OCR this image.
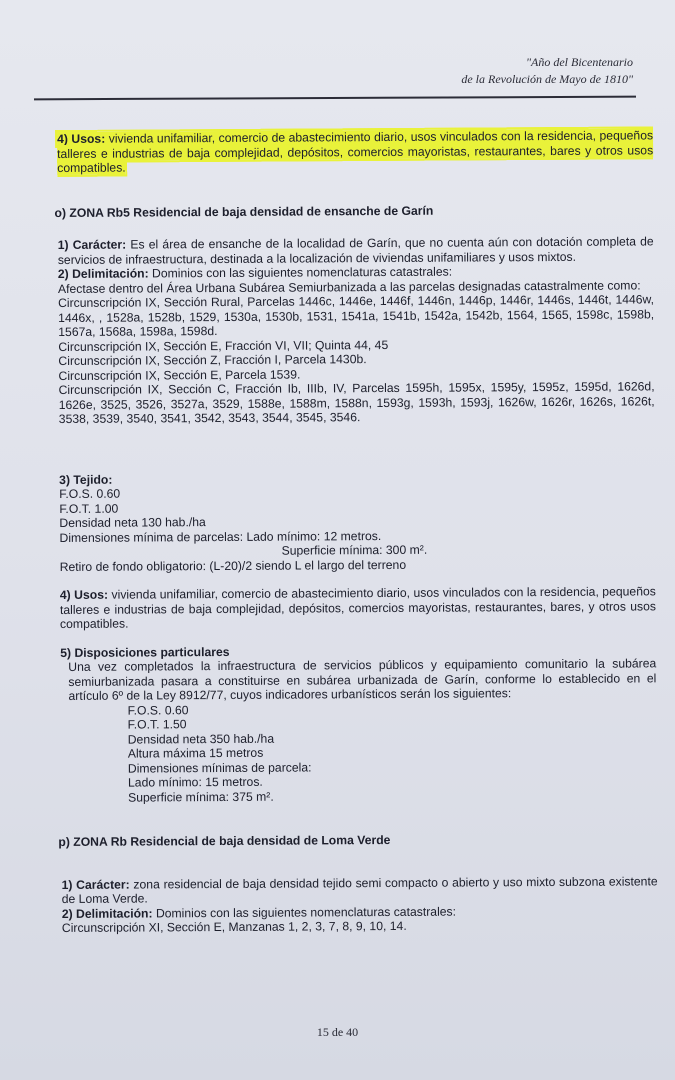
"Año del Bicentenario
de la Revolución de Mayo de 1810"

4) Usos: vivienda unifamiliar, comercio de abastecimiento diario, usos vinculados con la residencia, pequeños talleres e industrias de baja complejidad, depósitos, comercios mayoristas, restaurantes, bares y otros usos compatibles.

o) ZONA Rb5 Residencial de baja densidad de ensanche de Garín

1) Carácter: Es el área de ensanche de la localidad de Garín, que no cuenta aún con dotación completa de servicios de infraestructura, destinada a la localización de viviendas unifamiliares y usos mixtos.

2) Delimitación: Dominios con las siguientes nomenclaturas catastrales:

Afectase dentro del Área Urbana Subárea Semiurbanizada a las parcelas designadas catastralmente como:

Circunscripción IX, Sección Rural, Parcelas 1446c, 1446e, 1446f, 1446n, 1446p, 1446r, 1446s, 1446t, 1446w, 1446x, , 1528a, 1528b, 1529, 1530a, 1530b, 1531, 1541a, 1541b, 1542a, 1542b, 1564, 1565, 1598c, 1598b, 1567a, 1568a, 1598a, 1598d.

Circunscripción IX, Sección E, Fracción VI, VII; Quinta 44, 45

Circunscripción IX, Sección Z, Fracción I, Parcela 1430b.

Circunscripción IX, Sección E, Parcela 1539.

Circunscripción IX, Sección C, Fracción Ib, IIIb, IV, Parcelas 1595h, 1595x, 1595y, 1595z, 1595d, 1626d, 1626e, 3525, 3526, 3527a, 3529, 1588e, 1588m, 1588n, 1593g, 1593h, 1593j, 1626w, 1626r, 1626s, 1626t, 3538, 3539, 3540, 3541, 3542, 3543, 3544, 3545, 3546.

3) Tejido:

F.O.S. 0.60

F.O.T. 1.00

Densidad neta 130 hab./ha

Dimensiones mínima de parcelas: Lado mínimo: 12 metros.

Superficie mínima: 300 m².

Retiro de fondo obligatorio: (L-20)/2 siendo L el largo del terreno

4) Usos: vivienda unifamiliar, comercio de abastecimiento diario, usos vinculados con la residencia, pequeños talleres e industrias de baja complejidad, depósitos, comercios mayoristas, restaurantes, bares, y otros usos compatibles.

5) Disposiciones particulares

Una vez completados la infraestructura de servicios públicos y equipamiento comunitario la subárea semiurbanizada pasara a constituirse en subárea urbanizada de Garín, conforme lo establecido en el artículo 6º de la Ley 8912/77, cuyos indicadores urbanísticos serán los siguientes:

F.O.S. 0.60

F.O.T. 1.50

Densidad neta 350 hab./ha

Altura máxima 15 metros

Dimensiones mínimas de parcela:

Lado mínimo: 15 metros.

Superficie mínima: 375 m².

p) ZONA Rb Residencial de baja densidad de Loma Verde

1) Carácter: zona residencial de baja densidad tejido semi compacto o abierto y uso mixto subzona existente de Loma Verde.

2) Delimitación: Dominios con las siguientes nomenclaturas catastrales:

Circunscripción XI, Sección E, Manzanas 1, 2, 3, 7, 8, 9, 10, 14.

15 de 40
